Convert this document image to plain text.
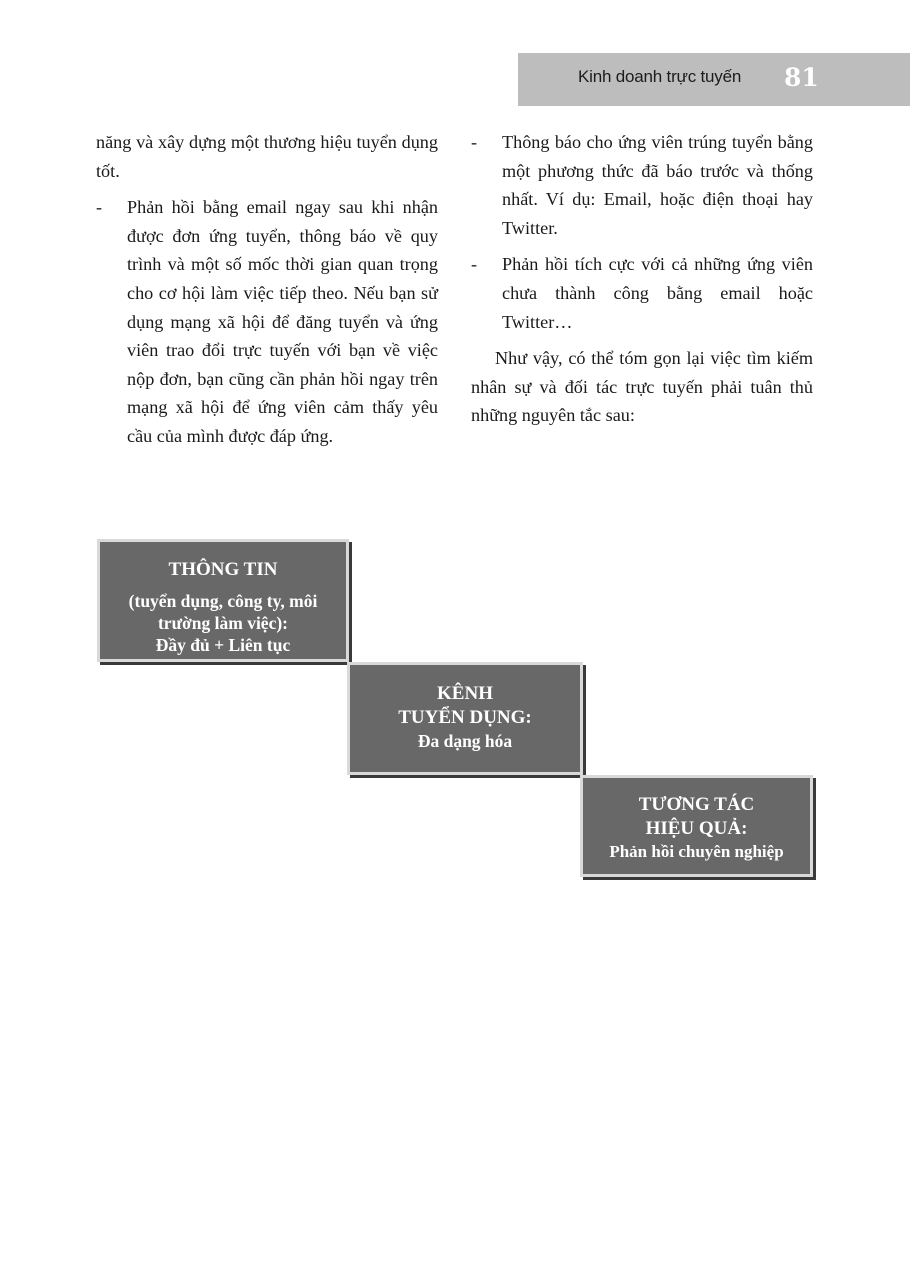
Kinh doanh trực tuyến 81

năng và xây dựng một thương hiệu tuyển dụng tốt.

- Phản hồi bằng email ngay sau khi nhận được đơn ứng tuyển, thông báo về quy trình và một số mốc thời gian quan trọng cho cơ hội làm việc tiếp theo. Nếu bạn sử dụng mạng xã hội để đăng tuyển và ứng viên trao đổi trực tuyến với bạn về việc nộp đơn, bạn cũng cần phản hồi ngay trên mạng xã hội để ứng viên cảm thấy yêu cầu của mình được đáp ứng.
- Thông báo cho ứng viên trúng tuyển bằng một phương thức đã báo trước và thống nhất. Ví dụ: Email, hoặc điện thoại hay Twitter.
- Phản hồi tích cực với cả những ứng viên chưa thành công bằng email hoặc Twitter…

Như vậy, có thể tóm gọn lại việc tìm kiếm nhân sự và đối tác trực tuyến phải tuân thủ những nguyên tắc sau:

THÔNG TIN
(tuyển dụng, công ty, môi
trường làm việc):
Đầy đủ + Liên tục
KÊNH
TUYỂN DỤNG:
Đa dạng hóa
TƯƠNG TÁC
HIỆU QUẢ:
Phản hồi chuyên nghiệp
